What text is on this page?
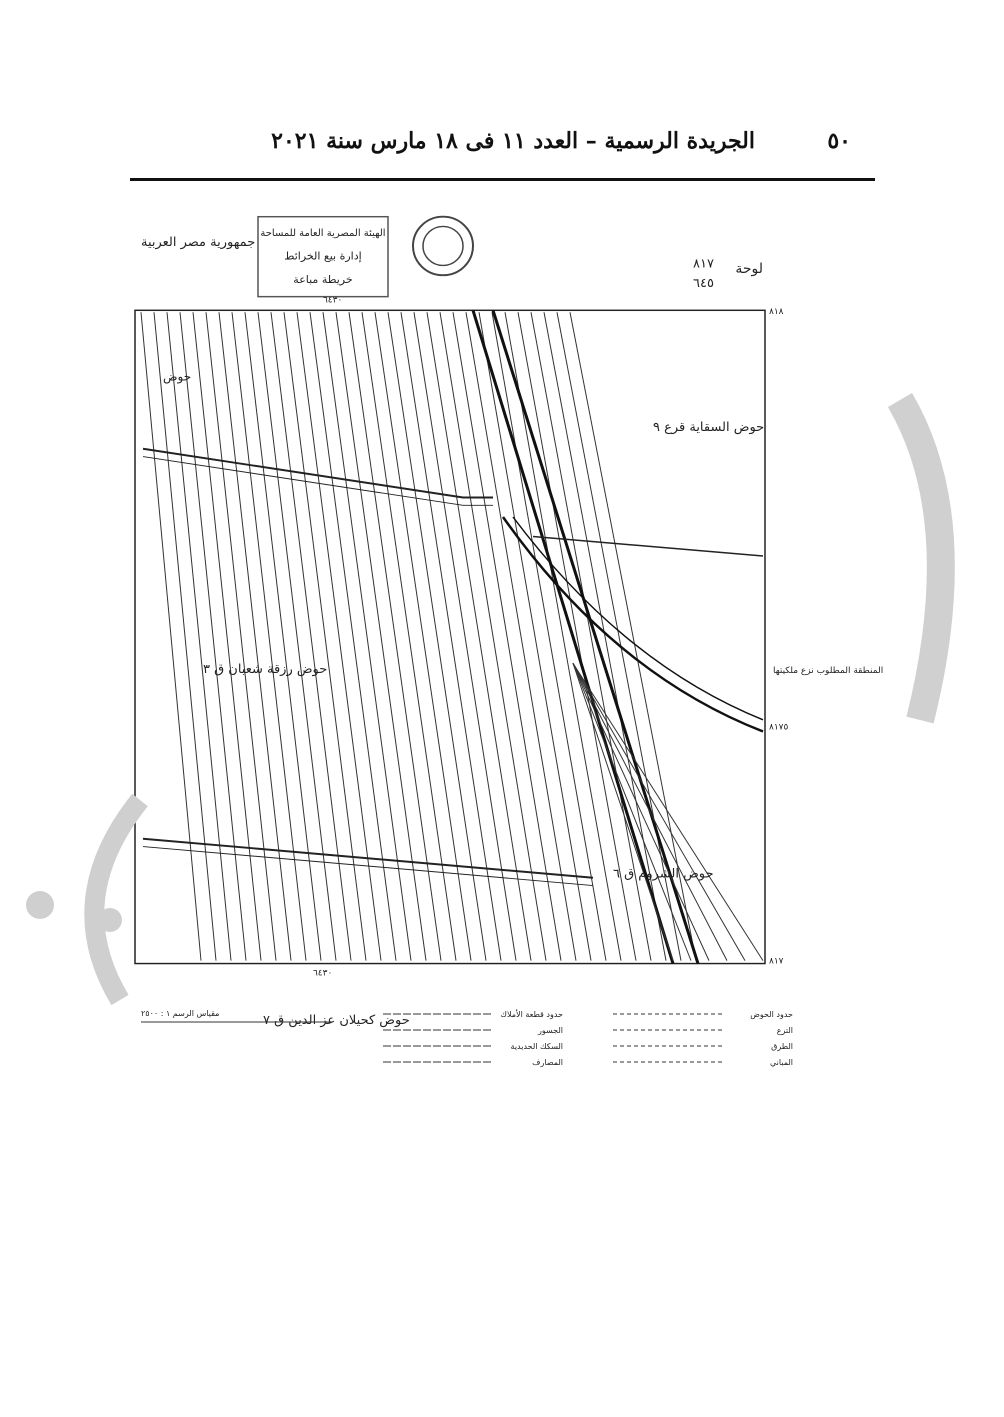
الجريدة الرسمية – العدد ١١ فى ١٨ مارس سنة ٢٠٢١	٥٠
جمهورية مصر العربية
الهيئة المصرية العامة للمساحة
إدارة بيع الخرائط
خريطة مباعة
لوحة
٨١٧
٦٤٥
٦٤٣٠
٨١٨
٨١٧٥
٨١٧
٦٤٣٠
حوض السقاية قرع ٩
حوض رزقة شعبان ق ٣
حوض الشروم ق ٦
حوض كحيلان عز الدين ق ٧
حوض
المنطقة المطلوب نزع ملكيتها
مقياس الرسم ١ : ٢٥٠٠	حدود قطعة الأملاك	حدود الحوض
الجسور	الترع
السكك الحديدية	الطرق
المصارف	المباني
